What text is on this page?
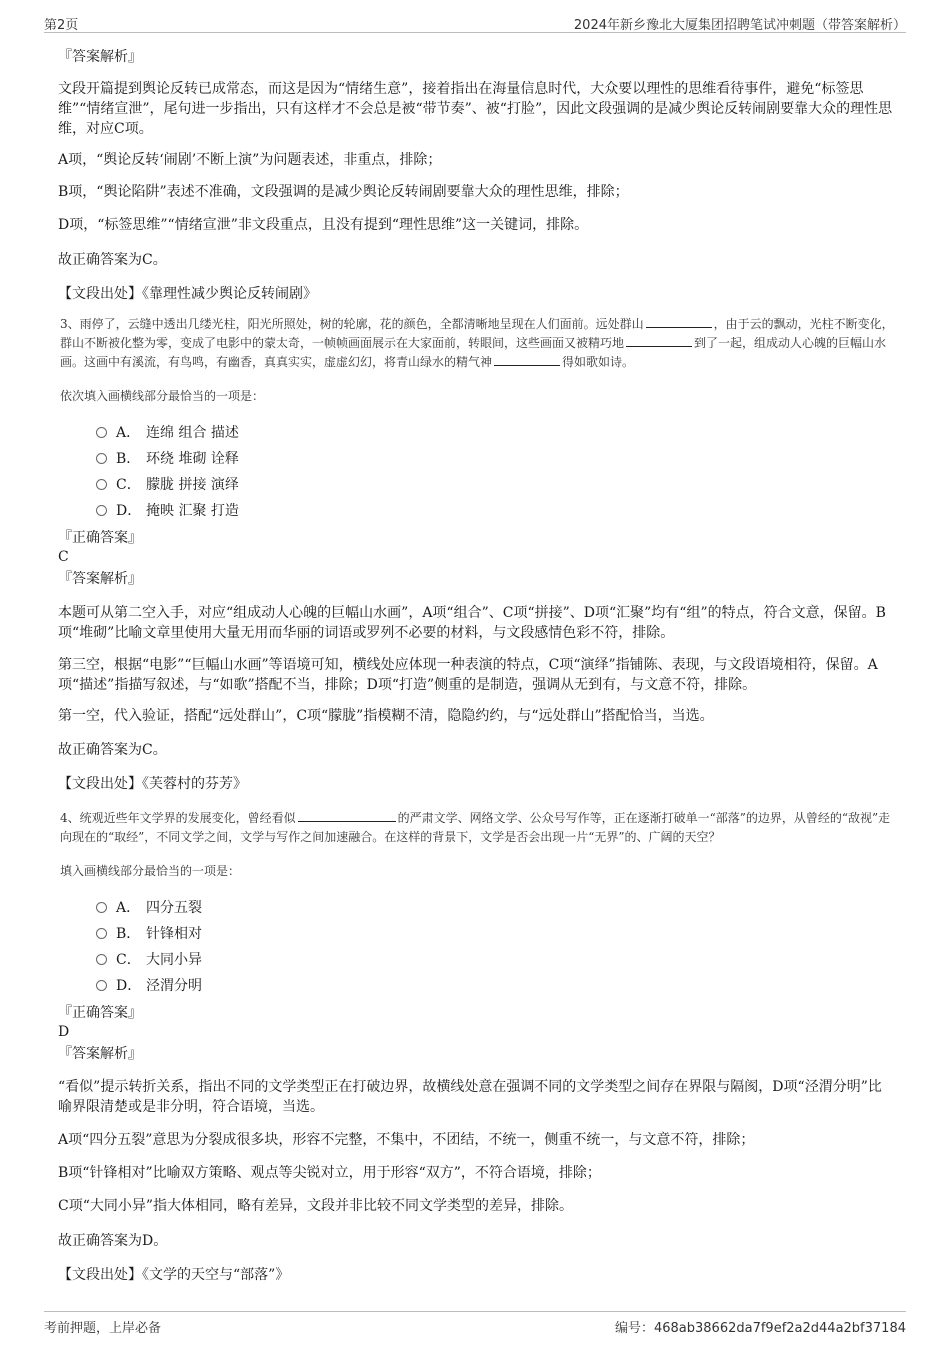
第2页	2024年新乡豫北大厦集团招聘笔试冲刺题（带答案解析）

『答案解析』

文段开篇提到舆论反转已成常态，而这是因为“情绪生意”，接着指出在海量信息时代，大众要以理性的思维看待事件，避免“标签思维”“情绪宣泄”，尾句进一步指出，只有这样才不会总是被“带节奏”、被“打脸”，因此文段强调的是减少舆论反转闹剧要靠大众的理性思维，对应C项。

A项，“舆论反转‘闹剧’不断上演”为问题表述，非重点，排除；

B项，“舆论陷阱”表述不准确，文段强调的是减少舆论反转闹剧要靠大众的理性思维，排除；

D项，“标签思维”“情绪宣泄”非文段重点，且没有提到“理性思维”这一关键词，排除。

故正确答案为C。

【文段出处】《靠理性减少舆论反转闹剧》

3、雨停了，云缝中透出几缕光柱，阳光所照处，树的轮廓，花的颜色，全都清晰地呈现在人们面前。远处群山	，由于云的飘动，光柱不断变化，群山不断被化整为零，变成了电影中的蒙太奇，一帧帧画面展示在大家面前，转眼间，这些画面又被精巧地	到了一起，组成动人心魄的巨幅山水画。这画中有溪流，有鸟鸣，有幽香，真真实实，虚虚幻幻，将青山绿水的精气神	得如歌如诗。

依次填入画横线部分最恰当的一项是：

A． 连绵 组合 描述
B． 环绕 堆砌 诠释
C． 朦胧 拼接 演绎
D． 掩映 汇聚 打造

『正确答案』

C

『答案解析』

本题可从第二空入手，对应“组成动人心魄的巨幅山水画”，A项“组合”、C项“拼接”、D项“汇聚”均有“组”的特点，符合文意，保留。B项“堆砌”比喻文章里使用大量无用而华丽的词语或罗列不必要的材料，与文段感情色彩不符，排除。

第三空，根据“电影”“巨幅山水画”等语境可知，横线处应体现一种表演的特点，C项“演绎”指铺陈、表现，与文段语境相符，保留。A项“描述”指描写叙述，与“如歌”搭配不当，排除；D项“打造”侧重的是制造，强调从无到有，与文意不符，排除。

第一空，代入验证，搭配“远处群山”，C项“朦胧”指模糊不清，隐隐约约，与“远处群山”搭配恰当，当选。

故正确答案为C。

【文段出处】《芙蓉村的芬芳》

4、统观近些年文学界的发展变化，曾经看似	的严肃文学、网络文学、公众号写作等，正在逐渐打破单一“部落”的边界，从曾经的“敌视”走向现在的“取经”，不同文学之间，文学与写作之间加速融合。在这样的背景下，文学是否会出现一片“无界”的、广阔的天空？

填入画横线部分最恰当的一项是：

A． 四分五裂
B． 针锋相对
C． 大同小异
D． 泾渭分明

『正确答案』

D

『答案解析』

“看似”提示转折关系，指出不同的文学类型正在打破边界，故横线处意在强调不同的文学类型之间存在界限与隔阂，D项“泾渭分明”比喻界限清楚或是非分明，符合语境，当选。

A项“四分五裂”意思为分裂成很多块，形容不完整，不集中，不团结，不统一，侧重不统一，与文意不符，排除；

B项“针锋相对”比喻双方策略、观点等尖锐对立，用于形容“双方”，不符合语境，排除；

C项“大同小异”指大体相同，略有差异，文段并非比较不同文学类型的差异，排除。

故正确答案为D。

【文段出处】《文学的天空与“部落”》

考前押题，上岸必备	编号：468ab38662da7f9ef2a2d44a2bf37184
